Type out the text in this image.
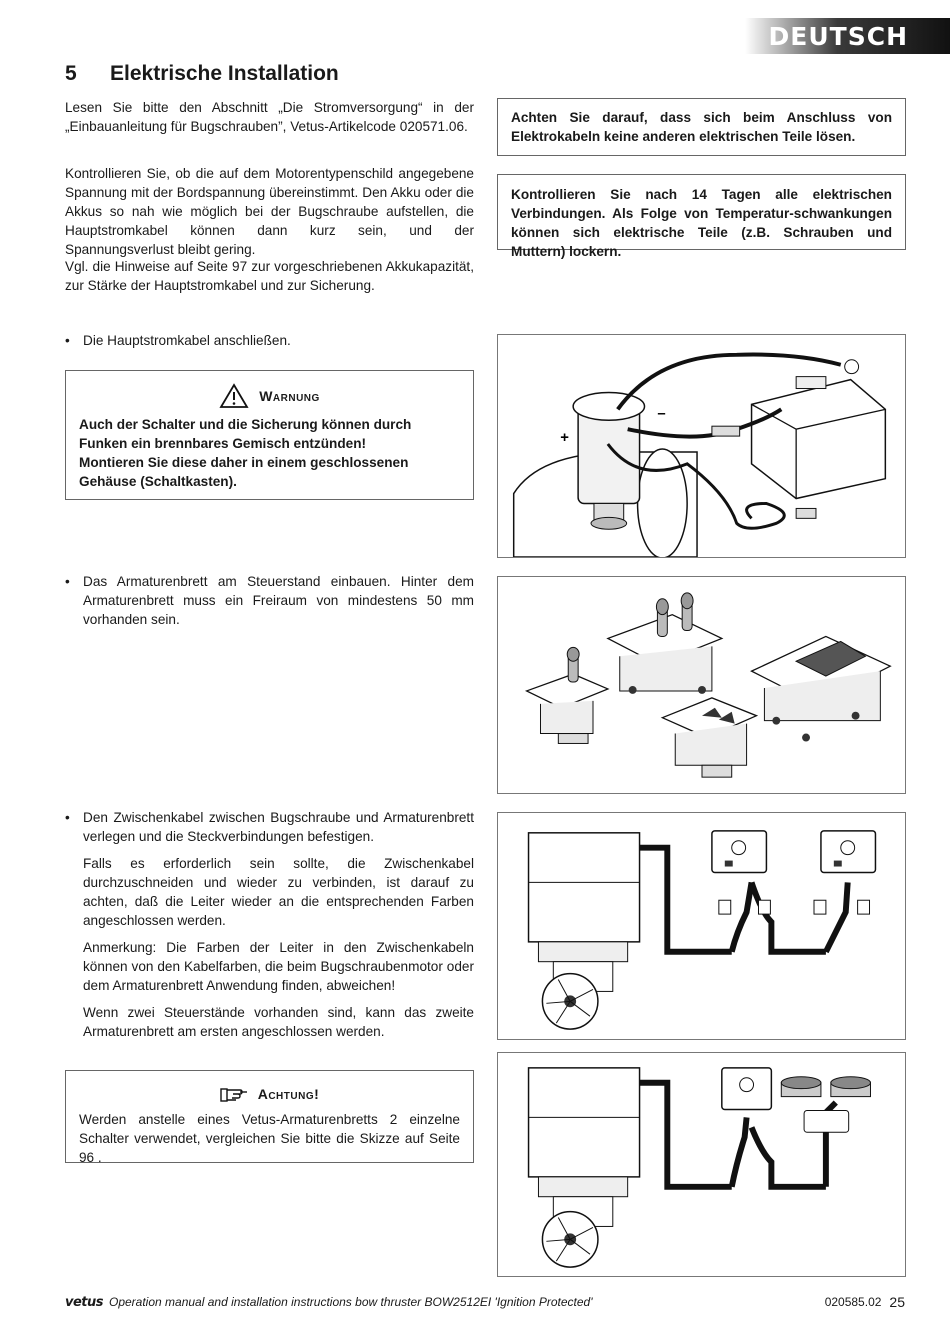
DEUTSCH
5 Elektrische Installation
Lesen Sie bitte den Abschnitt „Die Stromversorgung“ in der „Einbauanleitung für Bugschrauben”, Vetus-Artikelcode 020571.06.
Kontrollieren Sie, ob die auf dem Motorentypenschild angegebene Spannung mit der Bordspannung übereinstimmt. Den Akku oder die Akkus so nah wie möglich bei der Bugschraube aufstellen, die Hauptstromkabel können dann kurz sein, und der Spannungsverlust bleibt gering.
Vgl. die Hinweise auf Seite 97 zur vorgeschriebenen Akkukapazität, zur Stärke der Hauptstromkabel und zur Sicherung.
Achten Sie darauf, dass sich beim Anschluss von Elektrokabeln keine anderen elektrischen Teile lösen.
Kontrollieren Sie nach 14 Tagen alle elektrischen Verbindungen. Als Folge von Temperatur-schwankungen können sich elektrische Teile (z.B. Schrauben und Muttern) lockern.
• Die Hauptstromkabel anschließen.
Warnung
Auch der Schalter und die Sicherung können durch Funken ein brennbares Gemisch entzünden!
Montieren Sie diese daher in einem geschlossenen Gehäuse (Schaltkasten).
• Das Armaturenbrett am Steuerstand einbauen. Hinter dem Armaturenbrett muss ein Freiraum von mindestens 50 mm vorhanden sein.
• Den Zwischenkabel zwischen Bugschraube und Armaturenbrett verlegen und die Steckverbindungen befestigen.

Falls es erforderlich sein sollte, die Zwischenkabel durchzuschneiden und wieder zu verbinden, ist darauf zu achten, daß die Leiter wieder an die entsprechenden Farben angeschlossen werden.

Anmerkung: Die Farben der Leiter in den Zwischenkabeln können von den Kabelfarben, die beim Bugschraubenmotor oder dem Armaturenbrett Anwendung finden, abweichen!

Wenn zwei Steuerstände vorhanden sind, kann das zweite Armaturenbrett am ersten angeschlossen werden.

Achtung!
Werden anstelle eines Vetus-Armaturenbretts 2 einzelne Schalter verwendet, vergleichen Sie bitte die Skizze auf Seite 96 .
+
–
vetus Operation manual and installation instructions bow thruster BOW2512EI 'Ignition Protected'	020585.02 25
